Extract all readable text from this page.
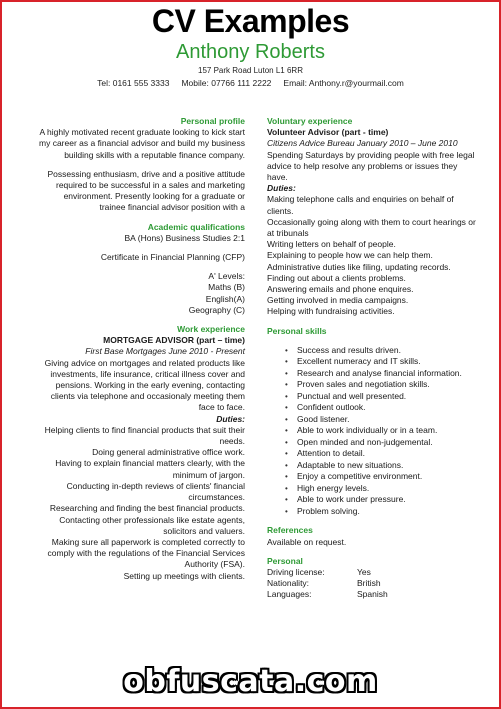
CV Examples
Anthony Roberts
157 Park Road Luton L1 6RR
Tel: 0161 555 3333 Mobile: 07766 111 2222 Email: Anthony.r@yourmail.com
Personal profile

A highly motivated recent graduate looking to kick start my career as a financial advisor and build my business building skills with a reputable finance company.

Possessing enthusiasm, drive and a positive attitude required to be successful in a sales and marketing environment. Presently looking for a graduate or trainee financial advisor position with a

Academic qualifications
BA (Hons) Business Studies 2:1
Certificate in Financial Planning (CFP)
A' Levels:
Maths (B)
English(A)
Geography (C)
Work experience
MORTGAGE ADVISOR (part – time)
First Base Mortgages June 2010 - Present

Giving advice on mortgages and related products like investments, life insurance, critical illness cover and pensions. Working in the early evening, contacting clients via telephone and occasionaly meeting them face to face.

Duties:

Helping clients to find financial products that suit their needs.

Doing general administrative office work.

Having to explain financial matters clearly, with the minimum of jargon.

Conducting in-depth reviews of clients' financial circumstances.

Researching and finding the best financial products.

Contacting other professionals like estate agents, solicitors and valuers.

Making sure all paperwork is completed correctly to comply with the regulations of the Financial Services Authority (FSA).

Setting up meetings with clients.

Voluntary experience
Volunteer Advisor (part - time)
Citizens Advice Bureau January 2010 – June 2010

Spending Saturdays by providing people with free legal advice to help resolve any problems or issues they have.

Duties:

Making telephone calls and enquiries on behalf of clients.

Occasionally going along with them to court hearings or at tribunals

Writing letters on behalf of people.

Explaining to people how we can help them.

Administrative duties like filing, updating records.

Finding out about a clients problems.

Answering emails and phone enquires.

Getting involved in media campaigns.

Helping with fundraising activities.

Personal skills
• Success and results driven.
• Excellent numeracy and IT skills.
• Research and analyse financial information.
• Proven sales and negotiation skills.
• Punctual and well presented.
• Confident outlook.
• Good listener.
• Able to work individually or in a team.
• Open minded and non-judgemental.
• Attention to detail.
• Adaptable to new situations.
• Enjoy a competitive environment.
• High energy levels.
• Able to work under pressure.
• Problem solving.
References
Available on request.
Personal
Driving license:	Yes
Nationality:	British
Languages:	Spanish
obfuscata.com
